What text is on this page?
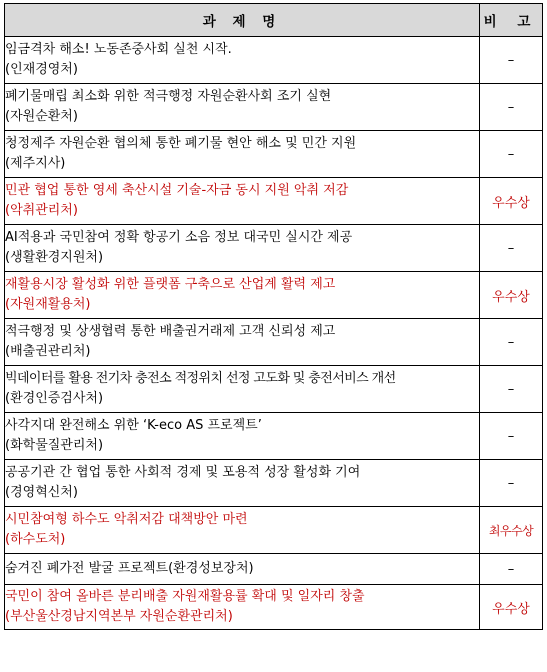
과 제 명	비 고

임금격차 해소! 노동존중사회 실천 시작.
(인재경영처)	–

폐기물매립 최소화 위한 적극행정 자원순환사회 조기 실현
(자원순환처)	–

청정제주 자원순환 협의체 통한 폐기물 현안 해소 및 민간 지원
(제주지사)	–

민관 협업 통한 영세 축산시설 기술-자금 동시 지원 악취 저감
(악취관리처)	우수상

AI적용과 국민참여 정확 항공기 소음 정보 대국민 실시간 제공
(생활환경지원처)	–

재활용시장 활성화 위한 플랫폼 구축으로 산업계 활력 제고
(자원재활용처)	우수상

적극행정 및 상생협력 통한 배출권거래제 고객 신뢰성 제고
(배출권관리처)	–

빅데이터를 활용 전기차 충전소 적정위치 선정 고도화 및 충전서비스 개선
(환경인증검사처)	–

사각지대 완전해소 위한 ‘K-eco AS 프로젝트’
(화학물질관리처)	–

공공기관 간 협업 통한 사회적 경제 및 포용적 성장 활성화 기여
(경영혁신처)	–

시민참여형 하수도 악취저감 대책방안 마련
(하수도처)	최우수상

숨겨진 폐가전 발굴 프로젝트(환경성보장처)	–

국민이 참여 올바른 분리배출 자원재활용률 확대 및 일자리 창출
(부산울산경남지역본부 자원순환관리처)	우수상
